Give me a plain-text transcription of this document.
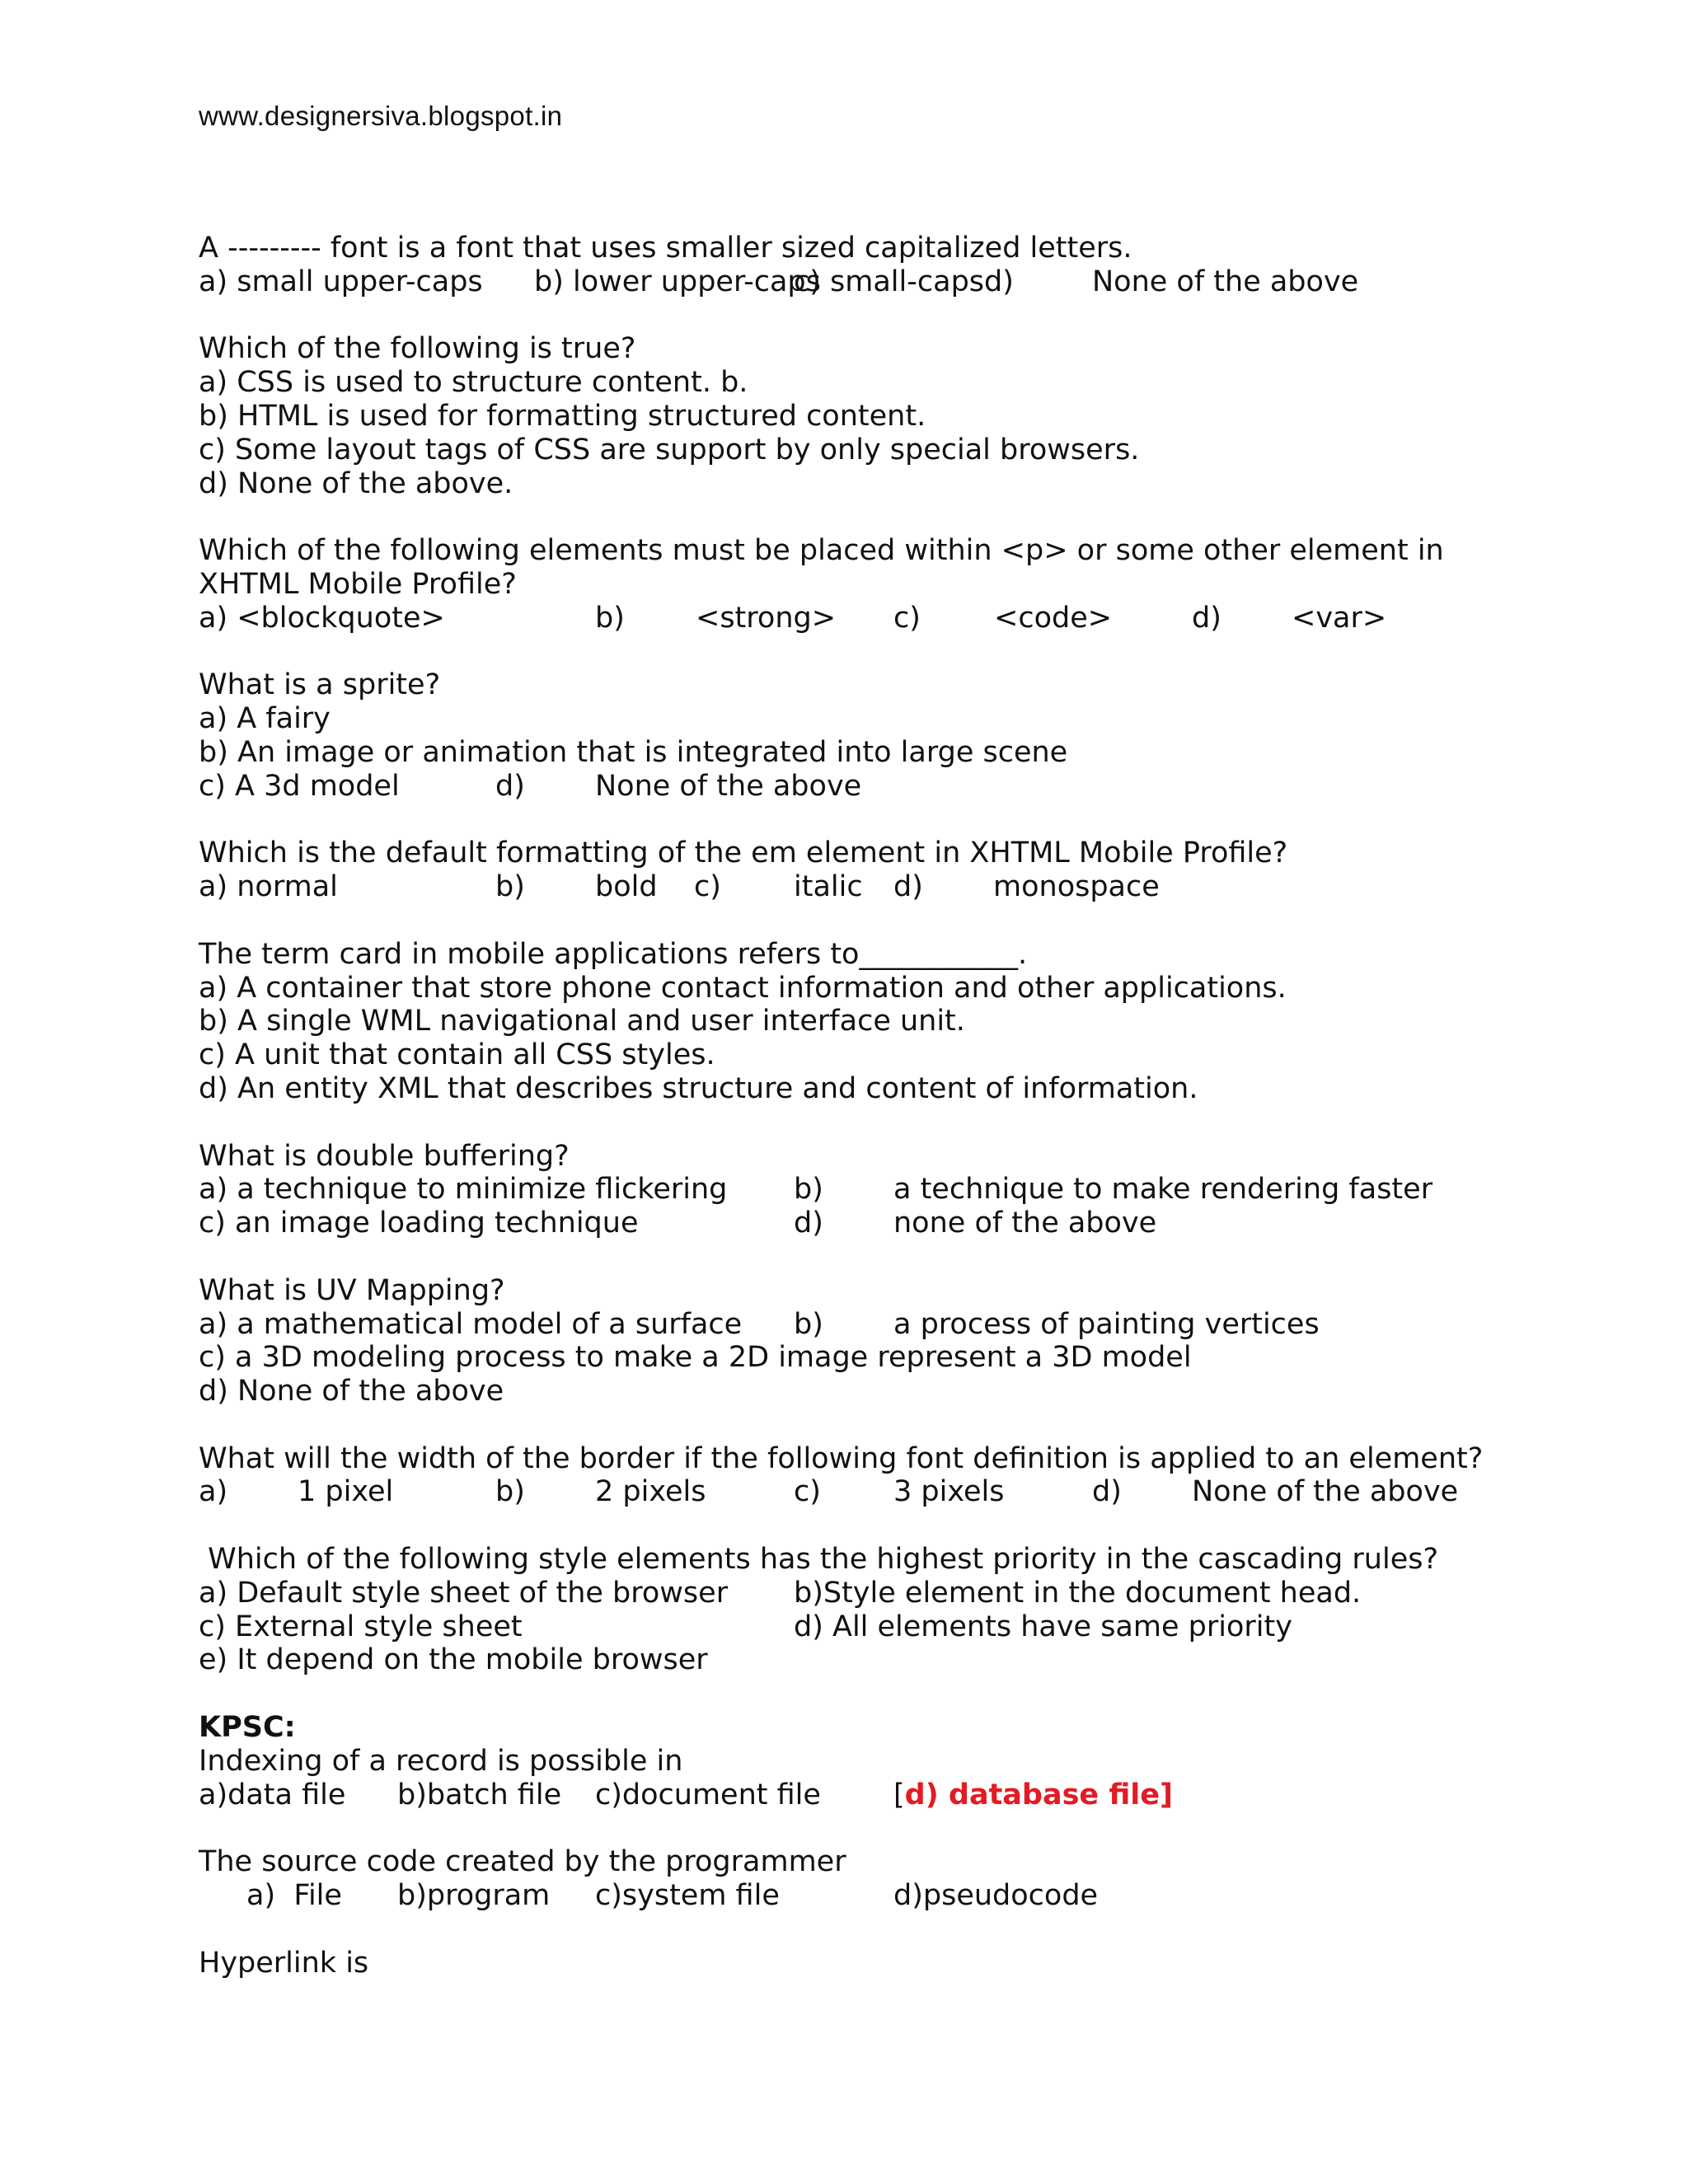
www.designersiva.blogspot.in
A --------- font is a font that uses smaller sized capitalized letters.

a) small upper-caps

b) lower upper-caps

c) small-capsd)

	None of the above

Which of the following is true?
a) CSS is used to structure content. b.
b) HTML is used for formatting structured content.
c) Some layout tags of CSS are support by only special browsers.
d) None of the above.
Which of the following elements must be placed within <p> or some other element in
XHTML Mobile Profile?

a) <blockquote>

	b)

<strong>

c)

	<code>

	d)

<var>

What is a sprite?
a) A fairy
b) An image or animation that is integrated into large scene

c) A 3d model

	d)

None of the above

Which is the default formatting of the em element in XHTML Mobile Profile?

a) normal

	b)

bold

c)

	italic

d)

monospace

The term card in mobile applications refers to___________.
a) A container that store phone contact information and other applications.
b) A single WML navigational and user interface unit.
c) A unit that contain all CSS styles.
d) An entity XML that describes structure and content of information.
What is double buffering?

a) a technique to minimize flickering

b)

a technique to make rendering faster

c) an image loading technique

	d)

none of the above

What is UV Mapping?

a) a mathematical model of a surface

b)

a process of painting vertices

c) a 3D modeling process to make a 2D image represent a 3D model
d) None of the above
What will the width of the border if the following font definition is applied to an element?

a)

1 pixel

	b)

2 pixels

	c)

	3 pixels

	d)

None of the above

Which of the following style elements has the highest priority in the cascading rules?

a) Default style sheet of the browser

b)Style element in the document head.

c) External style sheet

	d) All elements have same priority

e) It depend on the mobile browser
KPSC:
Indexing of a record is possible in

a)data file

b)batch file

c)document file

	[d) database file]

The source code created by the programmer

a)  File

b)program

c)system file

	d)pseudocode

Hyperlink is
